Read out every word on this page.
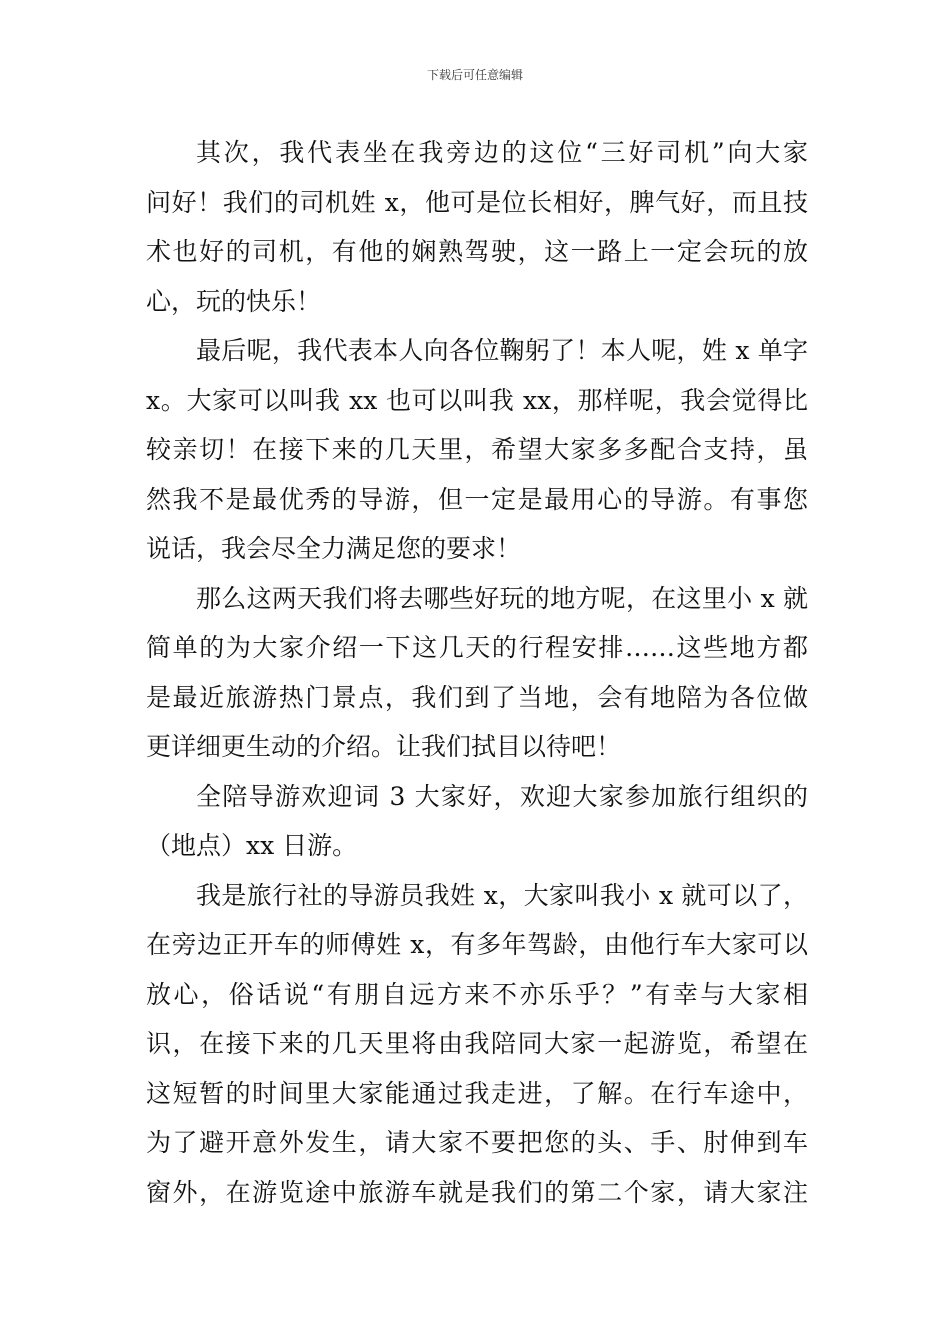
下载后可任意编辑
其次，我代表坐在我旁边的这位“三好司机”向大家
问好！我们的司机姓 x，他可是位长相好，脾气好，而且技
术也好的司机，有他的娴熟驾驶，这一路上一定会玩的放
心，玩的快乐！
最后呢，我代表本人向各位鞠躬了！本人呢，姓 x 单字
x。大家可以叫我 xx 也可以叫我 xx，那样呢，我会觉得比
较亲切！在接下来的几天里，希望大家多多配合支持，虽
然我不是最优秀的导游，但一定是最用心的导游。有事您
说话，我会尽全力满足您的要求！
那么这两天我们将去哪些好玩的地方呢，在这里小 x 就
简单的为大家介绍一下这几天的行程安排……这些地方都
是最近旅游热门景点，我们到了当地，会有地陪为各位做
更详细更生动的介绍。让我们拭目以待吧！
全陪导游欢迎词 3 大家好，欢迎大家参加旅行组织的
（地点）xx 日游。
我是旅行社的导游员我姓 x，大家叫我小 x 就可以了，
在旁边正开车的师傅姓 x，有多年驾龄，由他行车大家可以
放心，俗话说“有朋自远方来不亦乐乎？”有幸与大家相
识，在接下来的几天里将由我陪同大家一起游览，希望在
这短暂的时间里大家能通过我走进，了解。在行车途中，
为了避开意外发生，请大家不要把您的头、手、肘伸到车
窗外，在游览途中旅游车就是我们的第二个家，请大家注
